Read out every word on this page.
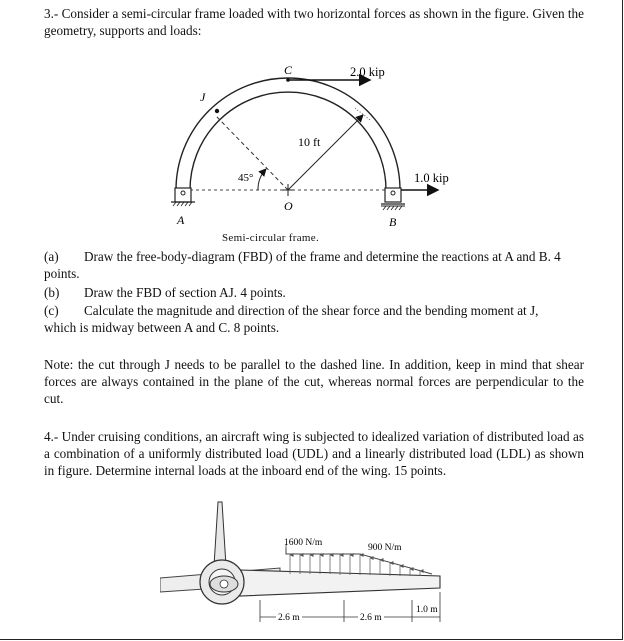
3.- Consider a semi-circular frame loaded with two horizontal forces as shown in the figure. Given the geometry, supports and loads:

C
J
2.0 kip
10 ft
45°
O
1.0 kip
A	B
Semi-circular frame.
(a) Draw the free-body-diagram (FBD) of the frame and determine the reactions at A and B. 4
points.
(b) Draw the FBD of section AJ. 4 points.
(c) Calculate the magnitude and direction of the shear force and the bending moment at J,
which is midway between A and C. 8 points.

Note: the cut through J needs to be parallel to the dashed line. In addition, keep in mind that shear forces are always contained in the plane of the cut, whereas normal forces are perpendicular to the cut.

4.- Under cruising conditions, an aircraft wing is subjected to idealized variation of distributed load as a combination of a uniformly distributed load (UDL) and a linearly distributed load (LDL) as shown in figure. Determine internal loads at the inboard end of the wing. 15 points.

1600 N/m	900 N/m
2.6 m	2.6 m
1.0 m
